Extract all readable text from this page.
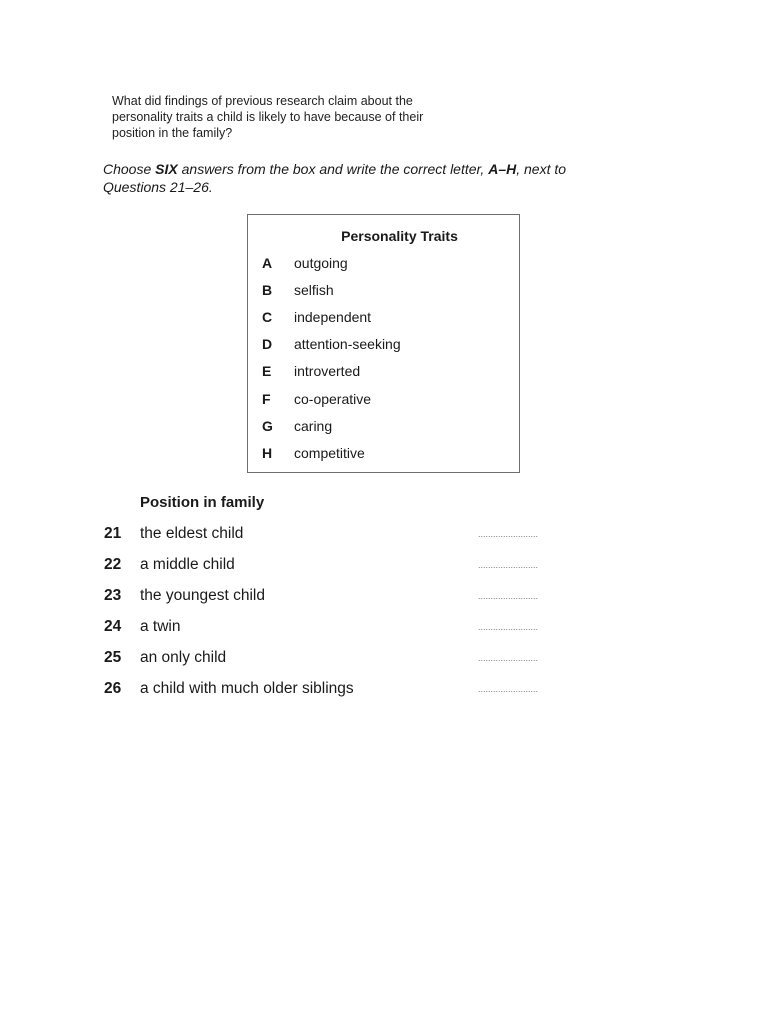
What did findings of previous research claim about the
personality traits a child is likely to have because of their
position in the family?
Choose SIX answers from the box and write the correct letter, A–H, next to
Questions 21–26.
Personality Traits
A outgoing
B selfish
C independent
D attention-seeking
E introverted
F co-operative
G caring
H competitive
Position in family
21 the eldest child
........................
22 a middle child
........................
23 the youngest child
........................
24 a twin
........................
25 an only child
........................
26 a child with much older siblings
........................
